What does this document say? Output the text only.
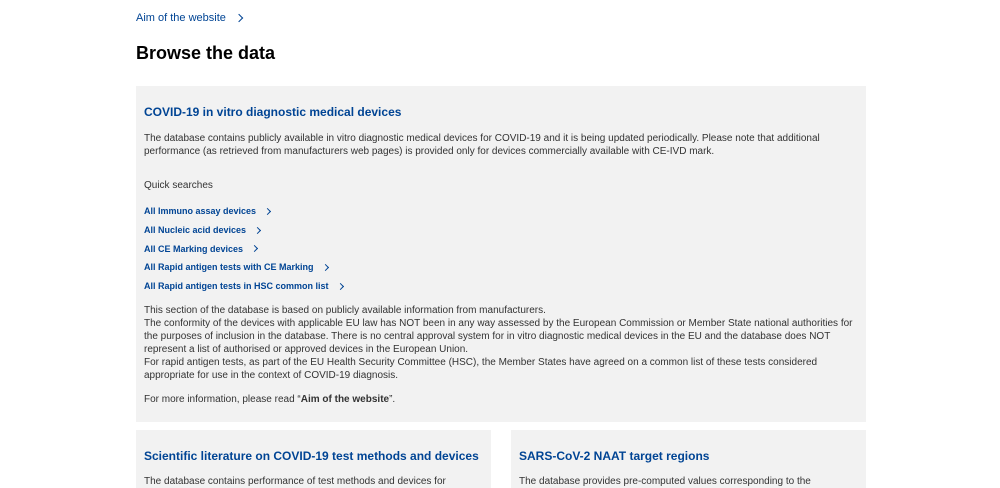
Aim of the website
Browse the data
COVID-19 in vitro diagnostic medical devices

The database contains publicly available in vitro diagnostic medical devices for COVID-19 and it is being updated periodically. Please note that additional performance (as retrieved from manufacturers web pages) is provided only for devices commercially available with CE-IVD mark.

Quick searches
All Immuno assay devices
All Nucleic acid devices
All CE Marking devices
All Rapid antigen tests with CE Marking
All Rapid antigen tests in HSC common list

This section of the database is based on publicly available information from manufacturers.

The conformity of the devices with applicable EU law has NOT been in any way assessed by the European Commission or Member State national authorities for the purposes of inclusion in the database. There is no central approval system for in vitro diagnostic medical devices in the EU and the database does NOT represent a list of authorised or approved devices in the European Union.

For rapid antigen tests, as part of the EU Health Security Committee (HSC), the Member States have agreed on a common list of these tests considered appropriate for use in the context of COVID-19 diagnosis.

For more information, please read “Aim of the website”.

Scientific literature on COVID-19 test methods and devices

The database contains performance of test methods and devices for

SARS-CoV-2 NAAT target regions

The database provides pre-computed values corresponding to the
